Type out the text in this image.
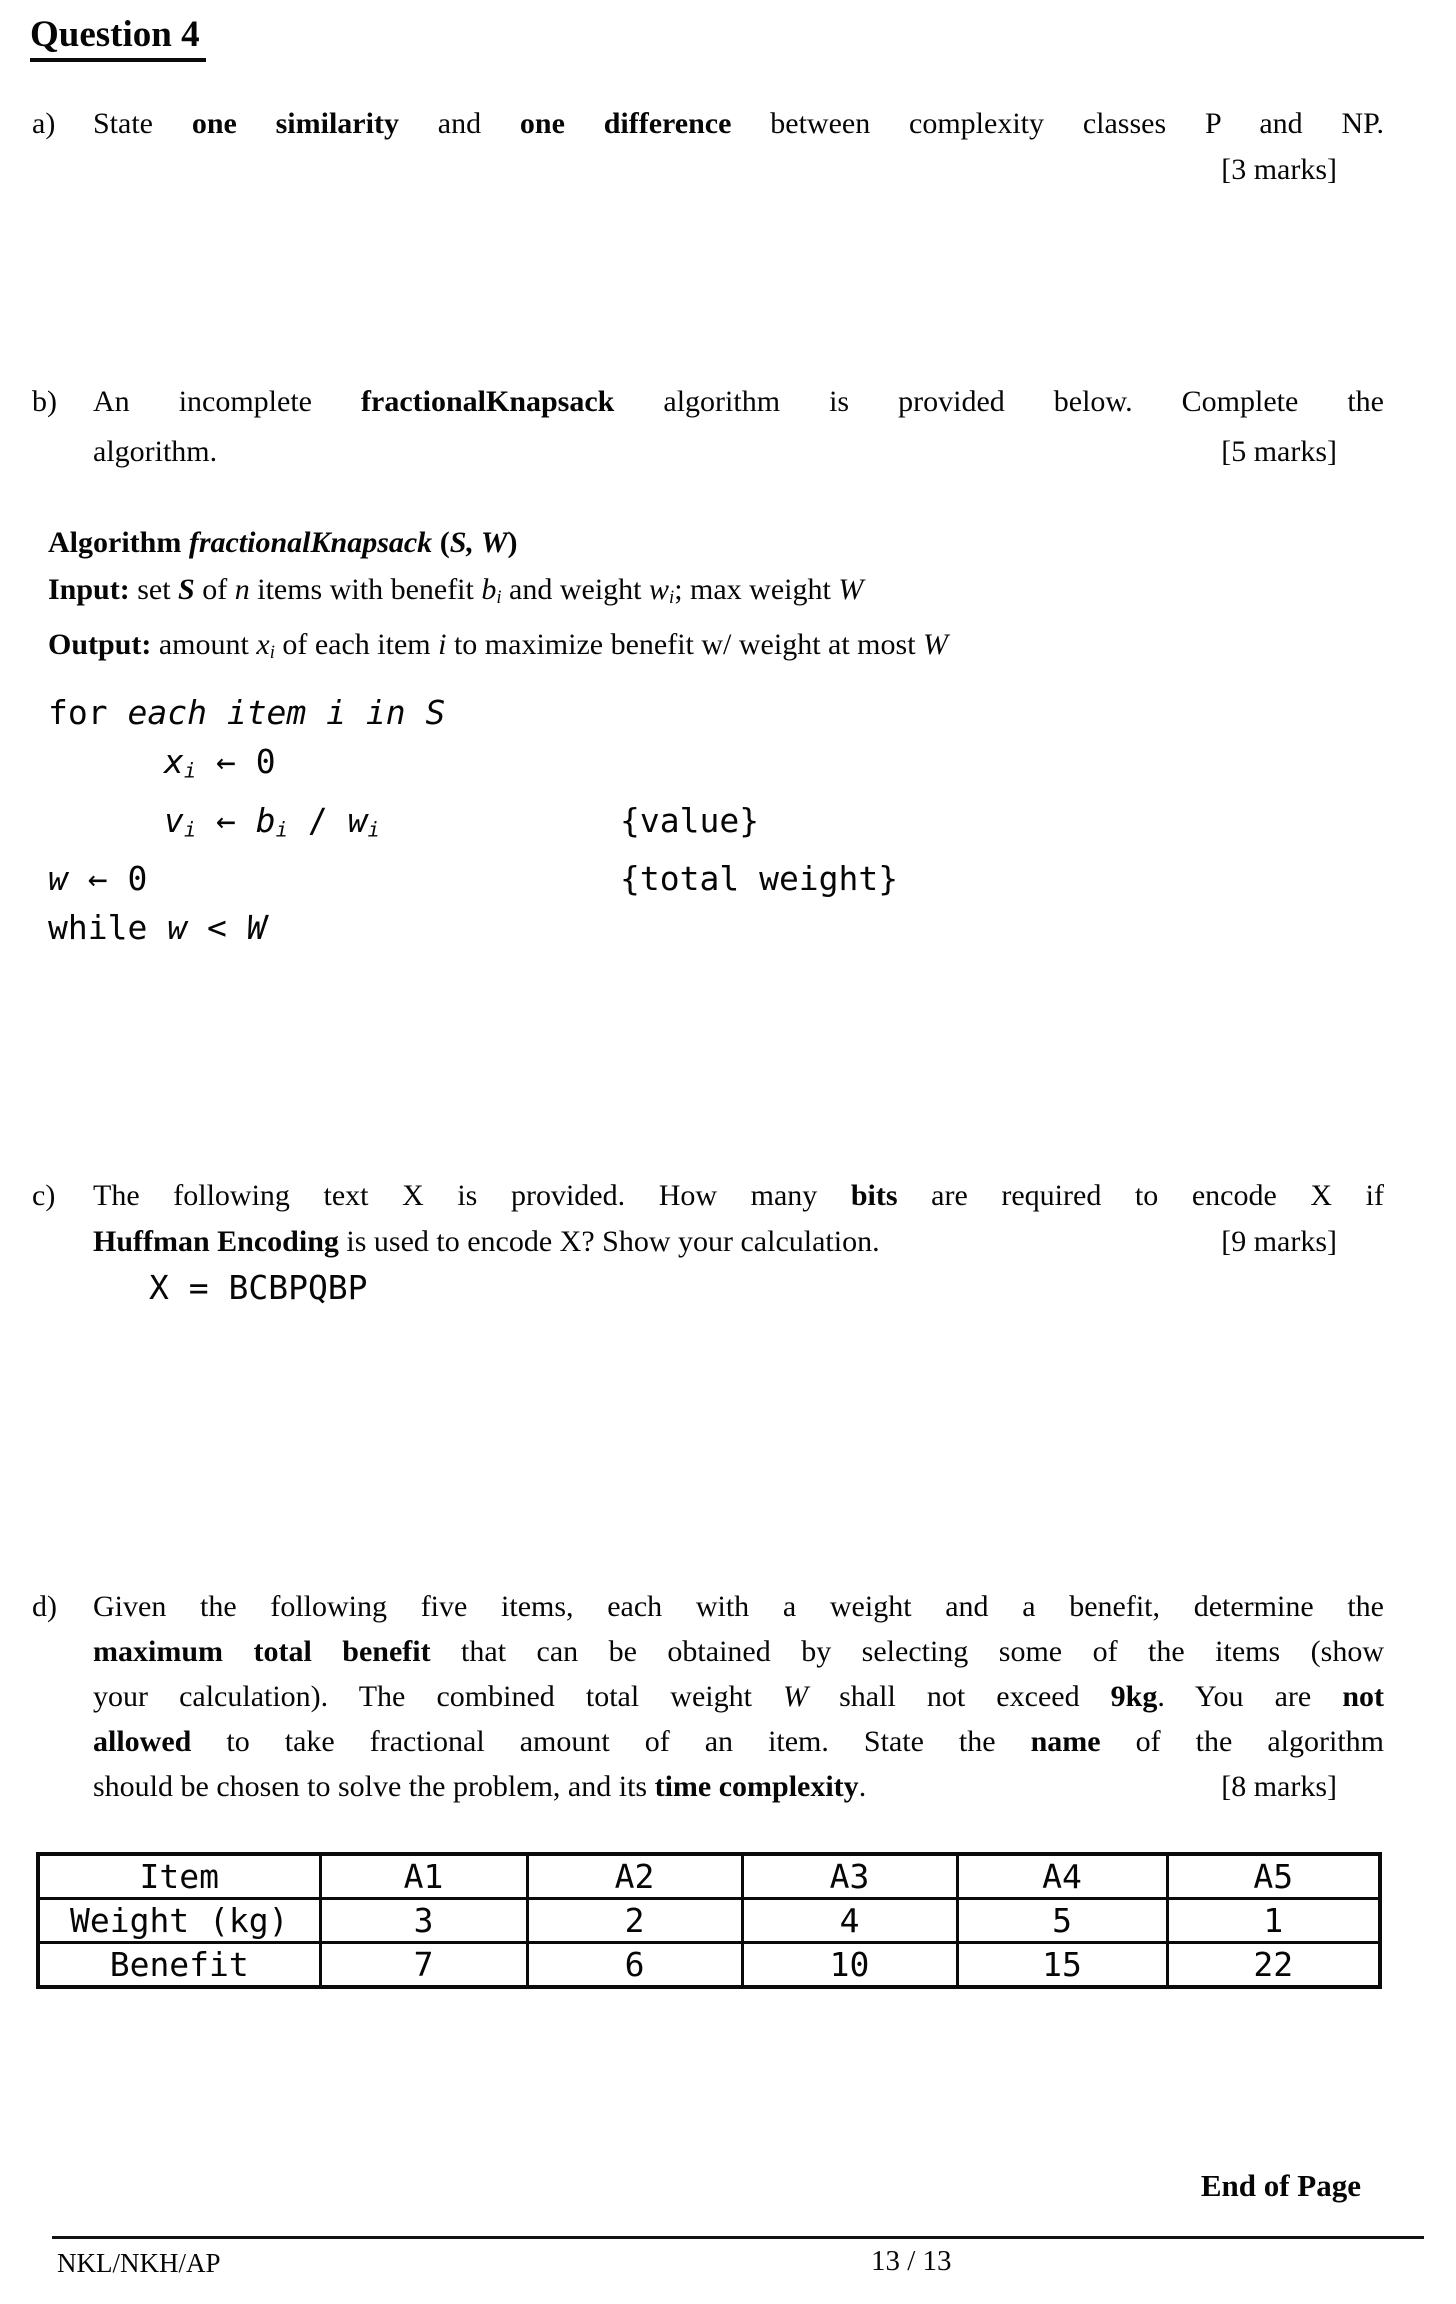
Question 4
a) State one similarity and one difference between complexity classes P and NP.
[3 marks]
b) An incomplete fractionalKnapsack algorithm is provided below. Complete the
algorithm.	[5 marks]
Algorithm fractionalKnapsack (S, W)
Input: set S of n items with benefit bi and weight wi; max weight W
Output: amount xi of each item i to maximize benefit w/ weight at most W
for each item i in S
xi ← 0
vi ← bi / wi	{value}
w ← 0	{total weight}
while w < W
c) The following text X is provided. How many bits are required to encode X if
Huffman Encoding is used to encode X? Show your calculation.	[9 marks]
X = BCBPQBP
d) Given the following five items, each with a weight and a benefit, determine the
maximum total benefit that can be obtained by selecting some of the items (show
your calculation). The combined total weight W shall not exceed 9kg. You are not
allowed to take fractional amount of an item. State the name of the algorithm
should be chosen to solve the problem, and its time complexity.	[8 marks]
Item	A1	A2	A3	A4	A5
Weight (kg)	3	2	4	5	1
Benefit	7	6	10	15	22
End of Page
NKL/NKH/AP	13 / 13
